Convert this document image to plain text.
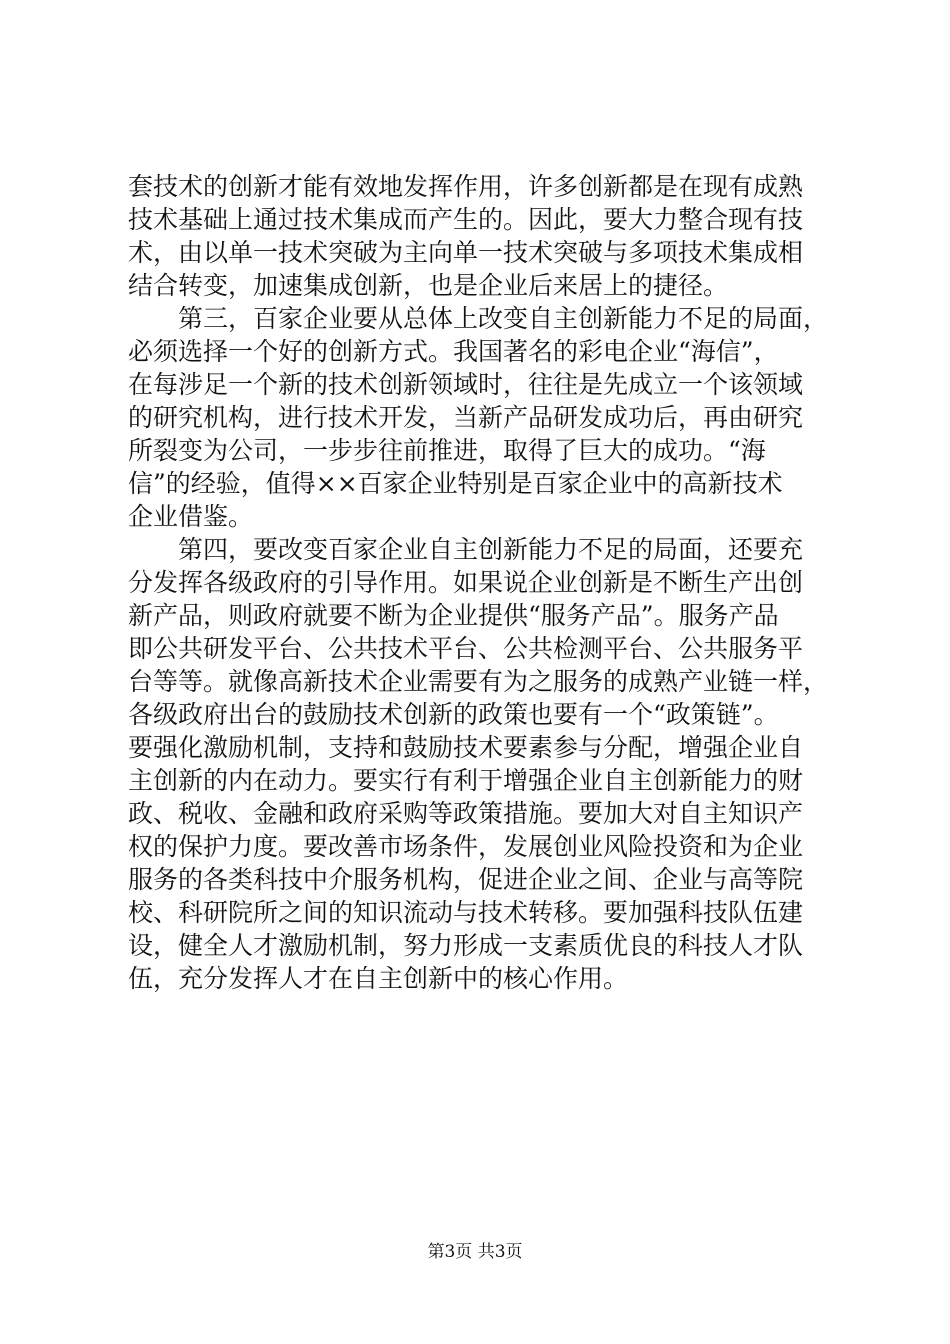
套技术的创新才能有效地发挥作用，许多创新都是在现有成熟
技术基础上通过技术集成而产生的。因此，要大力整合现有技
术，由以单一技术突破为主向单一技术突破与多项技术集成相
结合转变，加速集成创新，也是企业后来居上的捷径。
第三，百家企业要从总体上改变自主创新能力不足的局面，
必须选择一个好的创新方式。我国著名的彩电企业“海信”，
在每涉足一个新的技术创新领域时，往往是先成立一个该领域
的研究机构，进行技术开发，当新产品研发成功后，再由研究
所裂变为公司，一步步往前推进，取得了巨大的成功。“海
信”的经验，值得××百家企业特别是百家企业中的高新技术
企业借鉴。
第四，要改变百家企业自主创新能力不足的局面，还要充
分发挥各级政府的引导作用。如果说企业创新是不断生产出创
新产品，则政府就要不断为企业提供“服务产品”。服务产品
即公共研发平台、公共技术平台、公共检测平台、公共服务平
台等等。就像高新技术企业需要有为之服务的成熟产业链一样，
各级政府出台的鼓励技术创新的政策也要有一个“政策链”。
要强化激励机制，支持和鼓励技术要素参与分配，增强企业自
主创新的内在动力。要实行有利于增强企业自主创新能力的财
政、税收、金融和政府采购等政策措施。要加大对自主知识产
权的保护力度。要改善市场条件，发展创业风险投资和为企业
服务的各类科技中介服务机构，促进企业之间、企业与高等院
校、科研院所之间的知识流动与技术转移。要加强科技队伍建
设，健全人才激励机制，努力形成一支素质优良的科技人才队
伍，充分发挥人才在自主创新中的核心作用。
第3页 共3页
